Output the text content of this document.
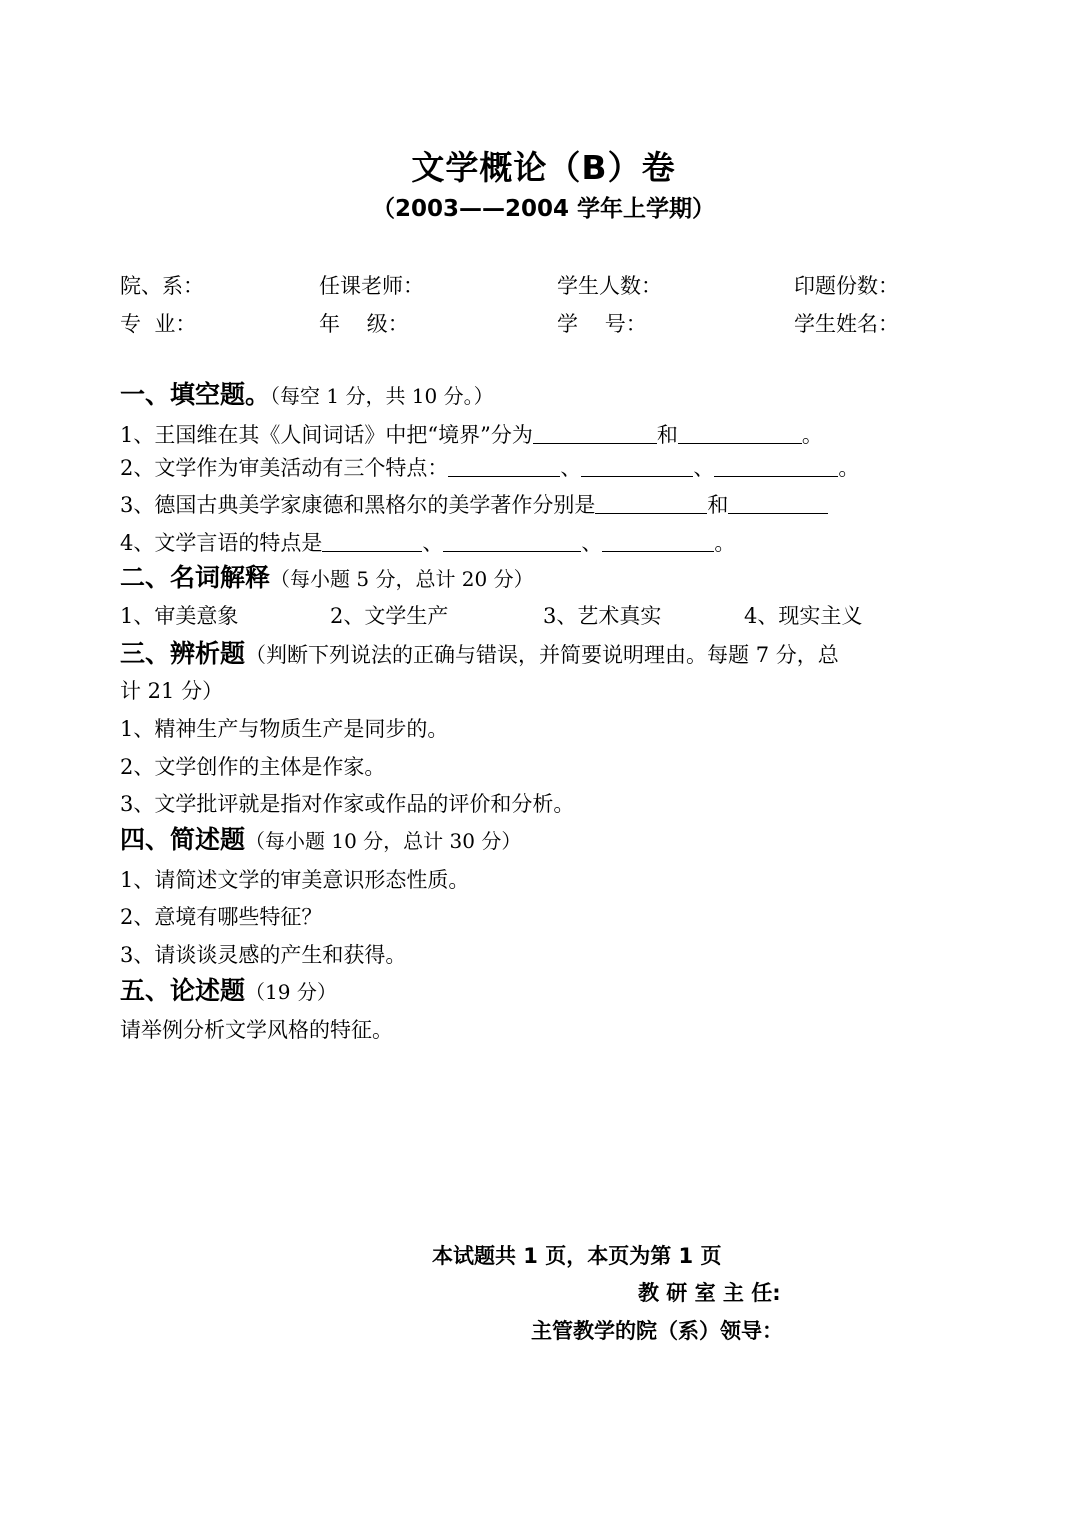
文学概论（B）卷
（2003——2004 学年上学期）
院、系：	任课老师：	学生人数：	印题份数：
专  业：	年    级：	学    号：	学生姓名：
一、填空题。（每空 1 分，共 10 分。）
1、王国维在其《人间词话》中把“境界”分为	和	。
2、文学作为审美活动有三个特点：	、	、	。
3、德国古典美学家康德和黑格尔的美学著作分别是	和
4、文学言语的特点是	、	、	。
二、名词解释（每小题 5 分，总计 20 分）
1、审美意象	2、文学生产	3、艺术真实	4、现实主义
三、辨析题（判断下列说法的正确与错误，并简要说明理由。每题 7 分，总
计 21 分）
1、精神生产与物质生产是同步的。
2、文学创作的主体是作家。
3、文学批评就是指对作家或作品的评价和分析。
四、简述题（每小题 10 分，总计 30 分）
1、请简述文学的审美意识形态性质。
2、意境有哪些特征？
3、请谈谈灵感的产生和获得。
五、论述题（19 分）
请举例分析文学风格的特征。
本试题共 1 页，本页为第 1 页
教 研 室 主 任:
主管教学的院（系）领导：
